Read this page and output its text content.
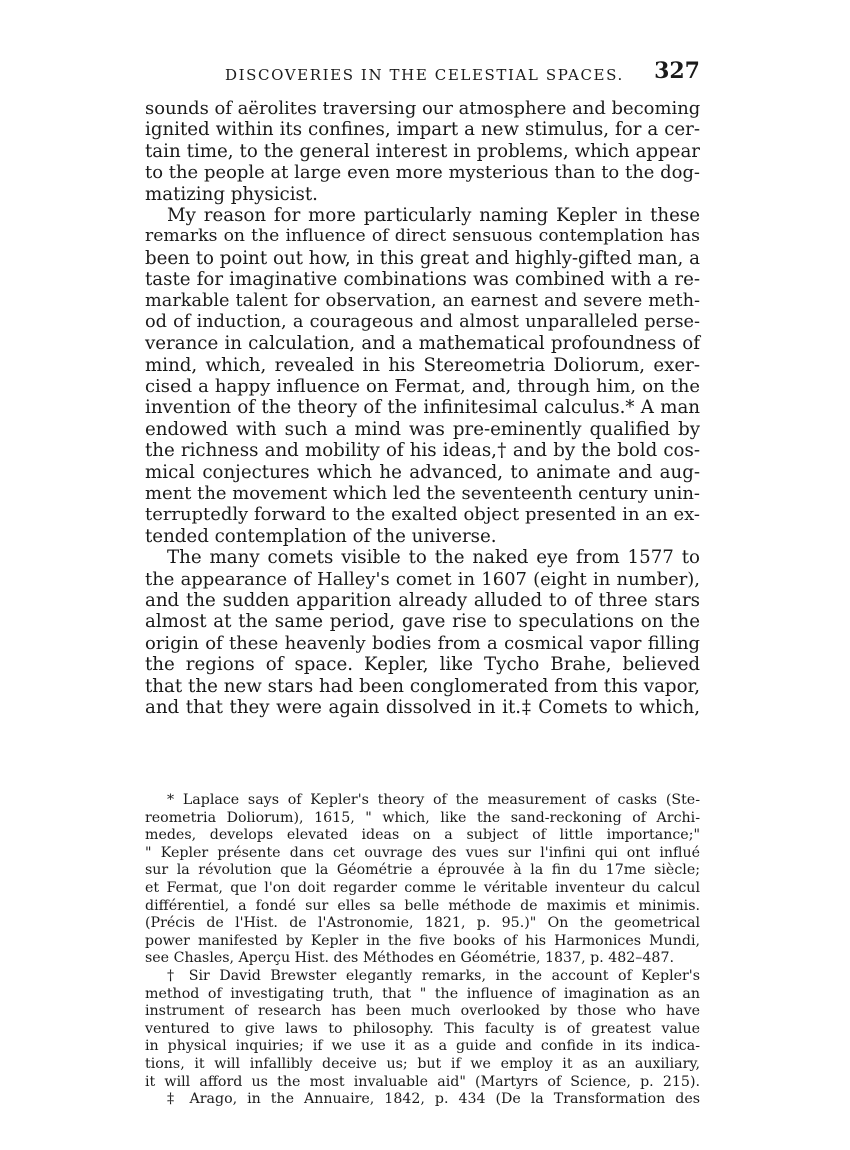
DISCOVERIES IN THE CELESTIAL SPACES. 327
sounds of aërolites traversing our atmosphere and becoming
ignited within its confines, impart a new stimulus, for a cer-
tain time, to the general interest in problems, which appear
to the people at large even more mysterious than to the dog-
matizing physicist.
My reason for more particularly naming Kepler in these
remarks on the influence of direct sensuous contemplation has
been to point out how, in this great and highly-gifted man, a
taste for imaginative combinations was combined with a re-
markable talent for observation, an earnest and severe meth-
od of induction, a courageous and almost unparalleled perse-
verance in calculation, and a mathematical profoundness of
mind, which, revealed in his Stereometria Doliorum, exer-
cised a happy influence on Fermat, and, through him, on the
invention of the theory of the infinitesimal calculus.* A man
endowed with such a mind was pre-eminently qualified by
the richness and mobility of his ideas,† and by the bold cos-
mical conjectures which he advanced, to animate and aug-
ment the movement which led the seventeenth century unin-
terruptedly forward to the exalted object presented in an ex-
tended contemplation of the universe.
The many comets visible to the naked eye from 1577 to
the appearance of Halley's comet in 1607 (eight in number),
and the sudden apparition already alluded to of three stars
almost at the same period, gave rise to speculations on the
origin of these heavenly bodies from a cosmical vapor filling
the regions of space. Kepler, like Tycho Brahe, believed
that the new stars had been conglomerated from this vapor,
and that they were again dissolved in it.‡ Comets to which,
* Laplace says of Kepler's theory of the measurement of casks (Ste-
reometria Doliorum), 1615, " which, like the sand-reckoning of Archi-
medes, develops elevated ideas on a subject of little importance;"
" Kepler présente dans cet ouvrage des vues sur l'infini qui ont influé
sur la révolution que la Géométrie a éprouvée à la fin du 17me siècle;
et Fermat, que l'on doit regarder comme le véritable inventeur du calcul
différentiel, a fondé sur elles sa belle méthode de maximis et minimis.
(Précis de l'Hist. de l'Astronomie, 1821, p. 95.)" On the geometrical
power manifested by Kepler in the five books of his Harmonices Mundi,
see Chasles, Aperçu Hist. des Méthodes en Géométrie, 1837, p. 482–487.
† Sir David Brewster elegantly remarks, in the account of Kepler's
method of investigating truth, that " the influence of imagination as an
instrument of research has been much overlooked by those who have
ventured to give laws to philosophy. This faculty is of greatest value
in physical inquiries; if we use it as a guide and confide in its indica-
tions, it will infallibly deceive us; but if we employ it as an auxiliary,
it will afford us the most invaluable aid" (Martyrs of Science, p. 215).
‡ Arago, in the Annuaire, 1842, p. 434 (De la Transformation des
